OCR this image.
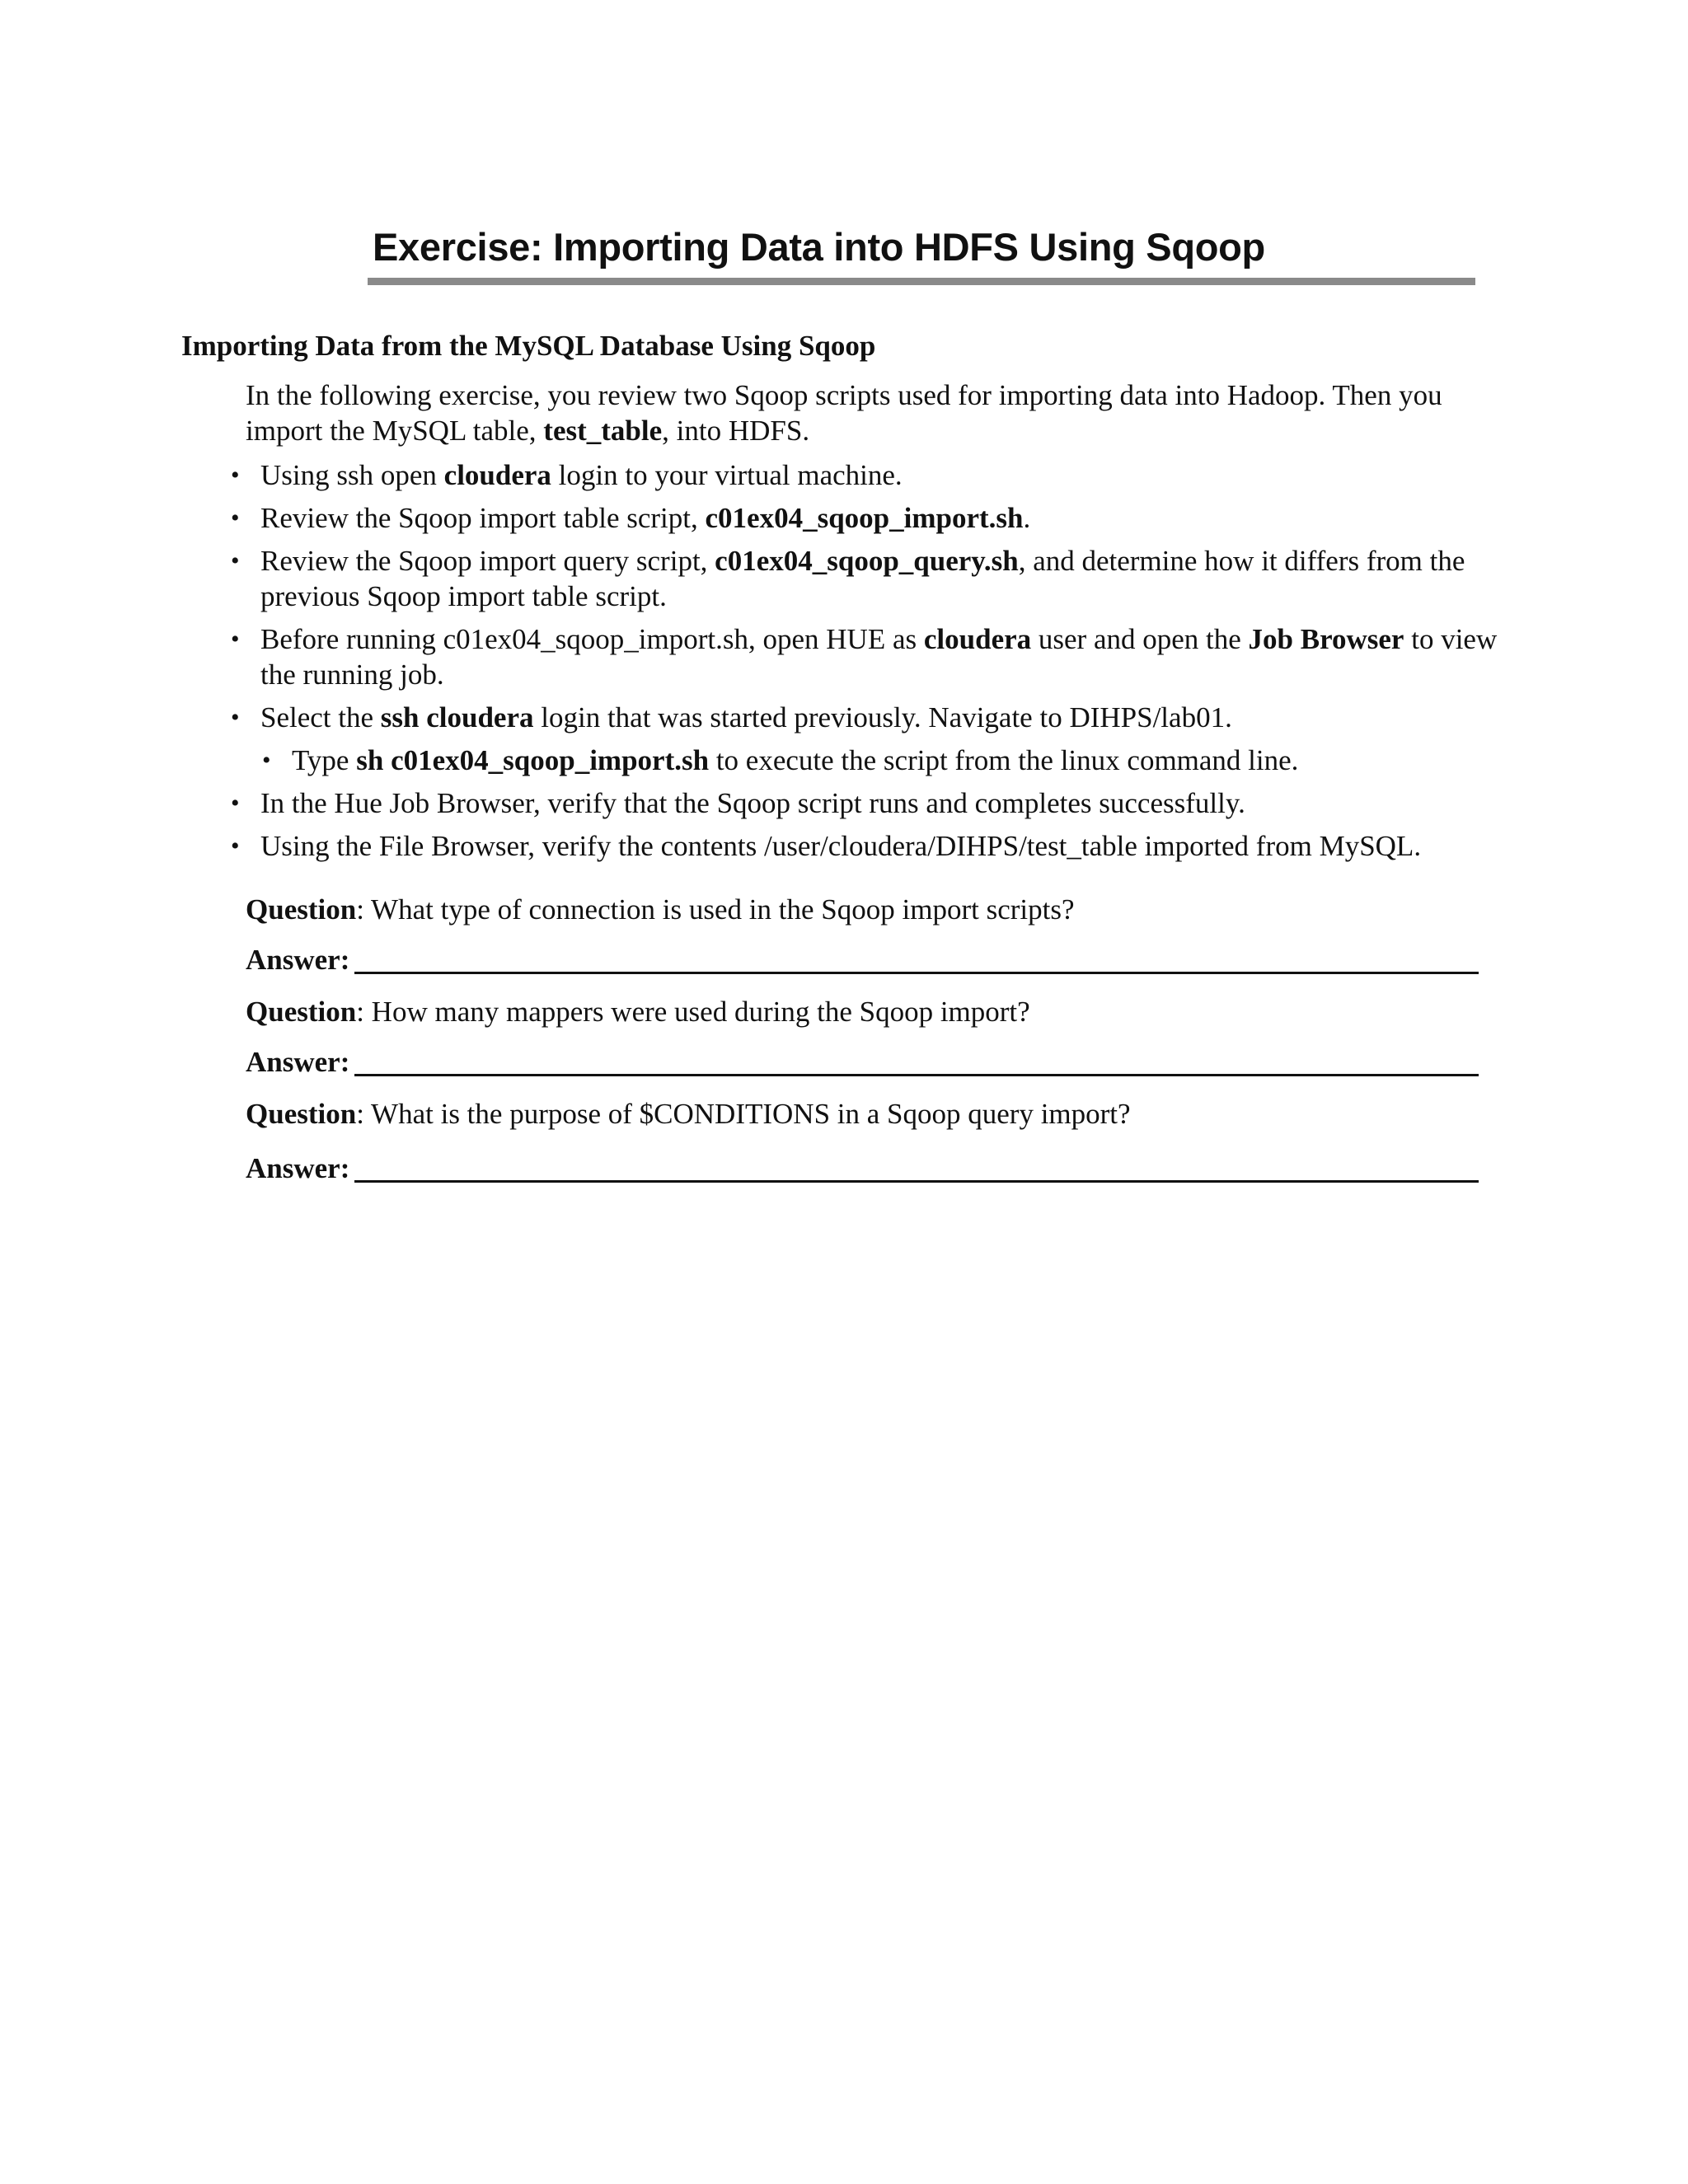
Exercise: Importing Data into HDFS Using Sqoop
Importing Data from the MySQL Database Using Sqoop
In the following exercise, you review two Sqoop scripts used for importing data into Hadoop. Then you import the MySQL table, test_table, into HDFS.
• Using ssh open cloudera login to your virtual machine.
• Review the Sqoop import table script, c01ex04_sqoop_import.sh.
• Review the Sqoop import query script, c01ex04_sqoop_query.sh, and determine how it differs from the previous Sqoop import table script.
• Before running c01ex04_sqoop_import.sh, open HUE as cloudera user and open the Job Browser to view the running job.
• Select the ssh cloudera login that was started previously. Navigate to DIHPS/lab01.
• Type sh c01ex04_sqoop_import.sh to execute the script from the linux command line.
• In the Hue Job Browser, verify that the Sqoop script runs and completes successfully.
• Using the File Browser, verify the contents /user/cloudera/DIHPS/test_table imported from MySQL.
Question: What type of connection is used in the Sqoop import scripts?
Answer:
Question: How many mappers were used during the Sqoop import?
Answer:
Question: What is the purpose of $CONDITIONS in a Sqoop query import?
Answer:
